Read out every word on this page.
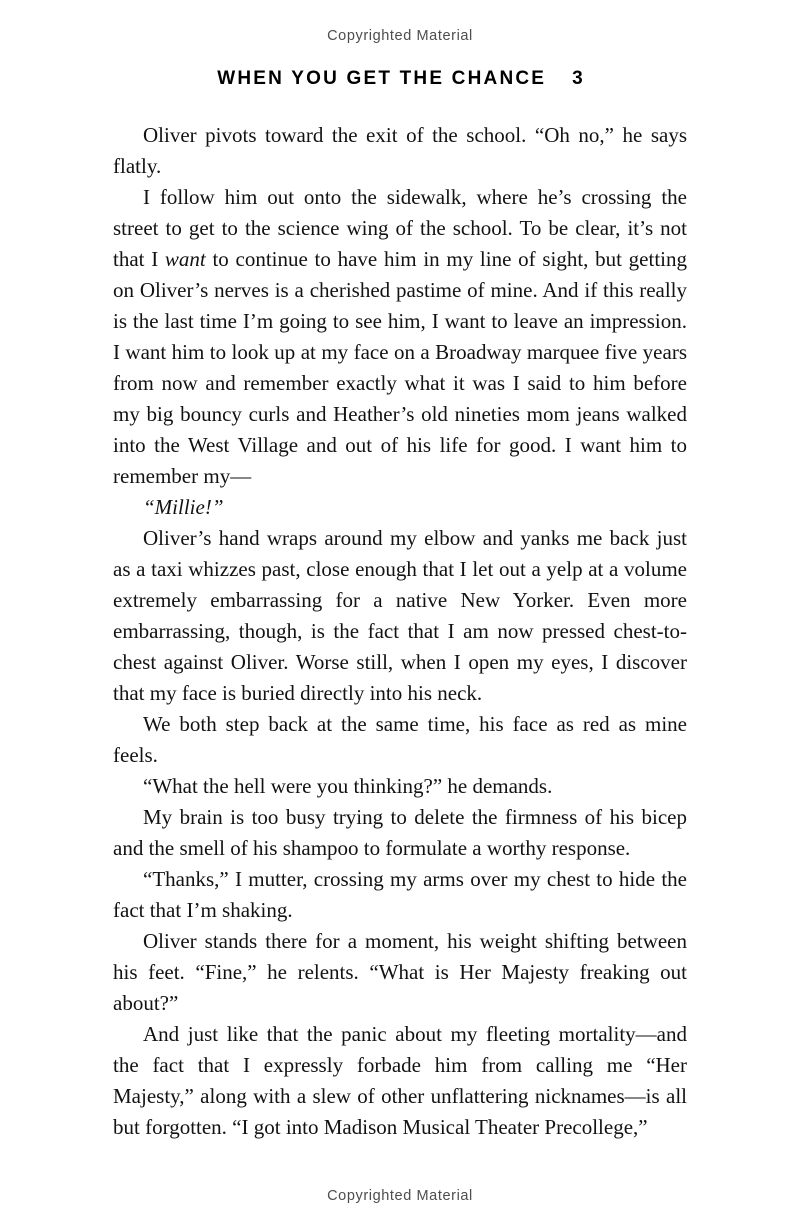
Copyrighted Material
WHEN YOU GET THE CHANCE 3

Oliver pivots toward the exit of the school. “Oh no,” he says flatly.

I follow him out onto the sidewalk, where he’s crossing the street to get to the science wing of the school. To be clear, it’s not that I want to continue to have him in my line of sight, but getting on Oliver’s nerves is a cherished pastime of mine. And if this really is the last time I’m going to see him, I want to leave an impression. I want him to look up at my face on a Broadway marquee five years from now and remember exactly what it was I said to him before my big bouncy curls and Heather’s old nineties mom jeans walked into the West Village and out of his life for good. I want him to remember my—

“Millie!”

Oliver’s hand wraps around my elbow and yanks me back just as a taxi whizzes past, close enough that I let out a yelp at a volume extremely embarrassing for a native New Yorker. Even more embarrassing, though, is the fact that I am now pressed chest-to-chest against Oliver. Worse still, when I open my eyes, I discover that my face is buried directly into his neck.

We both step back at the same time, his face as red as mine feels.

“What the hell were you thinking?” he demands.

My brain is too busy trying to delete the firmness of his bicep and the smell of his shampoo to formulate a worthy response.

“Thanks,” I mutter, crossing my arms over my chest to hide the fact that I’m shaking.

Oliver stands there for a moment, his weight shifting between his feet. “Fine,” he relents. “What is Her Majesty freaking out about?”

And just like that the panic about my fleeting mortality—and the fact that I expressly forbade him from calling me “Her Majesty,” along with a slew of other unflattering nicknames—is all but forgotten. “I got into Madison Musical Theater Precollege,”

Copyrighted Material
